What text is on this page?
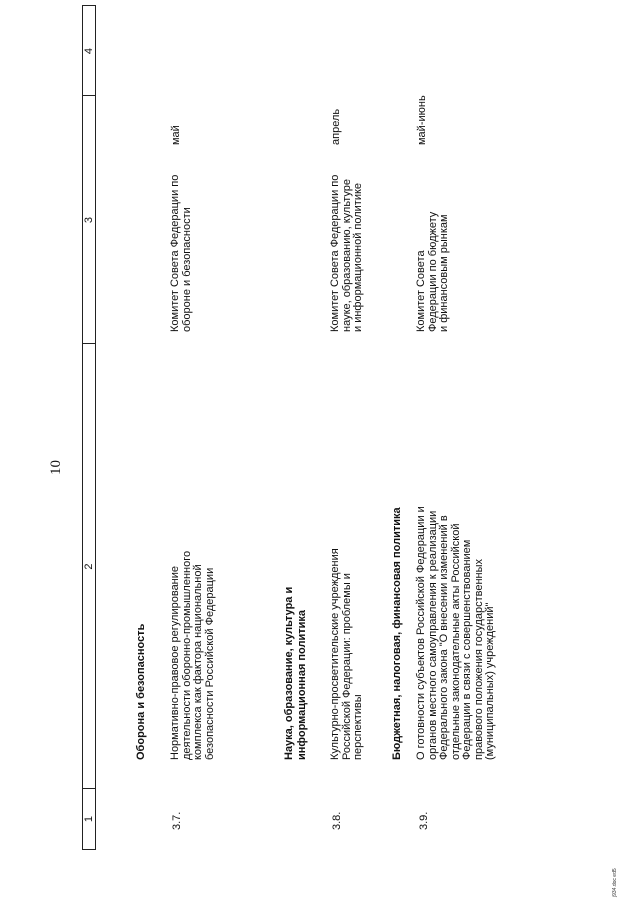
10
1
2
3
4
Оборона и безопасность
3.7.
Нормативно-правовое регулирование деятельности оборонно-промышленного комплекса как фактора национальной безопасности Российской Федерации
Комитет Совета Федерации по обороне и безопасности
май
Наука, образование, культура и информационная политика
3.8.
Культурно-просветительские учреждения Российской Федерации: проблемы и перспективы
Комитет Совета Федерации по науке, образованию, культуре и информационной политике
апрель
Бюджетная, налоговая, финансовая политика
3.9.
О готовности субъектов Российской Федерации и органов местного самоуправления к реализации Федерального закона "О внесении изменений в отдельные законодательные акты Российской Федерации в связи с совершенствованием правового положения государственных (муниципальных) учреждений"
Комитет Совета Федерации по бюджету и финансовым рынкам
май-июнь
j934.doc ed5
